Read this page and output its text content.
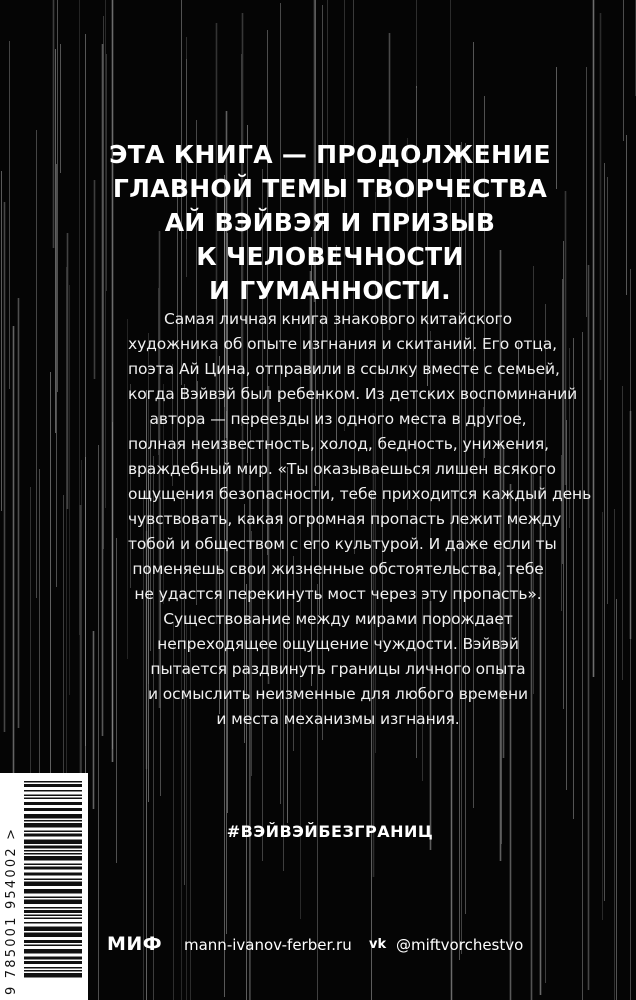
ЭТА КНИГА — ПРОДОЛЖЕНИЕ
ГЛАВНОЙ ТЕМЫ ТВОРЧЕСТВА
АЙ ВЭЙВЭЯ И ПРИЗЫВ
К ЧЕЛОВЕЧНОСТИ
И ГУМАННОСТИ.
Самая личная книга знакового китайского
художника об опыте изгнания и скитаний. Его отца,
поэта Ай Цина, отправили в ссылку вместе с семьей,
когда Вэйвэй был ребенком. Из детских воспоминаний
автора — переезды из одного места в другое,
полная неизвестность, холод, бедность, унижения,
враждебный мир. «Ты оказываешься лишен всякого
ощущения безопасности, тебе приходится каждый день
чувствовать, какая огромная пропасть лежит между
тобой и обществом с его культурой. И даже если ты
поменяешь свои жизненные обстоятельства, тебе
не удастся перекинуть мост через эту пропасть».
Существование между мирами порождает
непреходящее ощущение чуждости. Вэйвэй
пытается раздвинуть границы личного опыта
и осмыслить неизменные для любого времени
и места механизмы изгнания.
#ВЭЙВЭЙБЕЗГРАНИЦ
9 785001 954002 >	МИФ mann-ivanov-ferber.ru vk @miftvorchestvo
